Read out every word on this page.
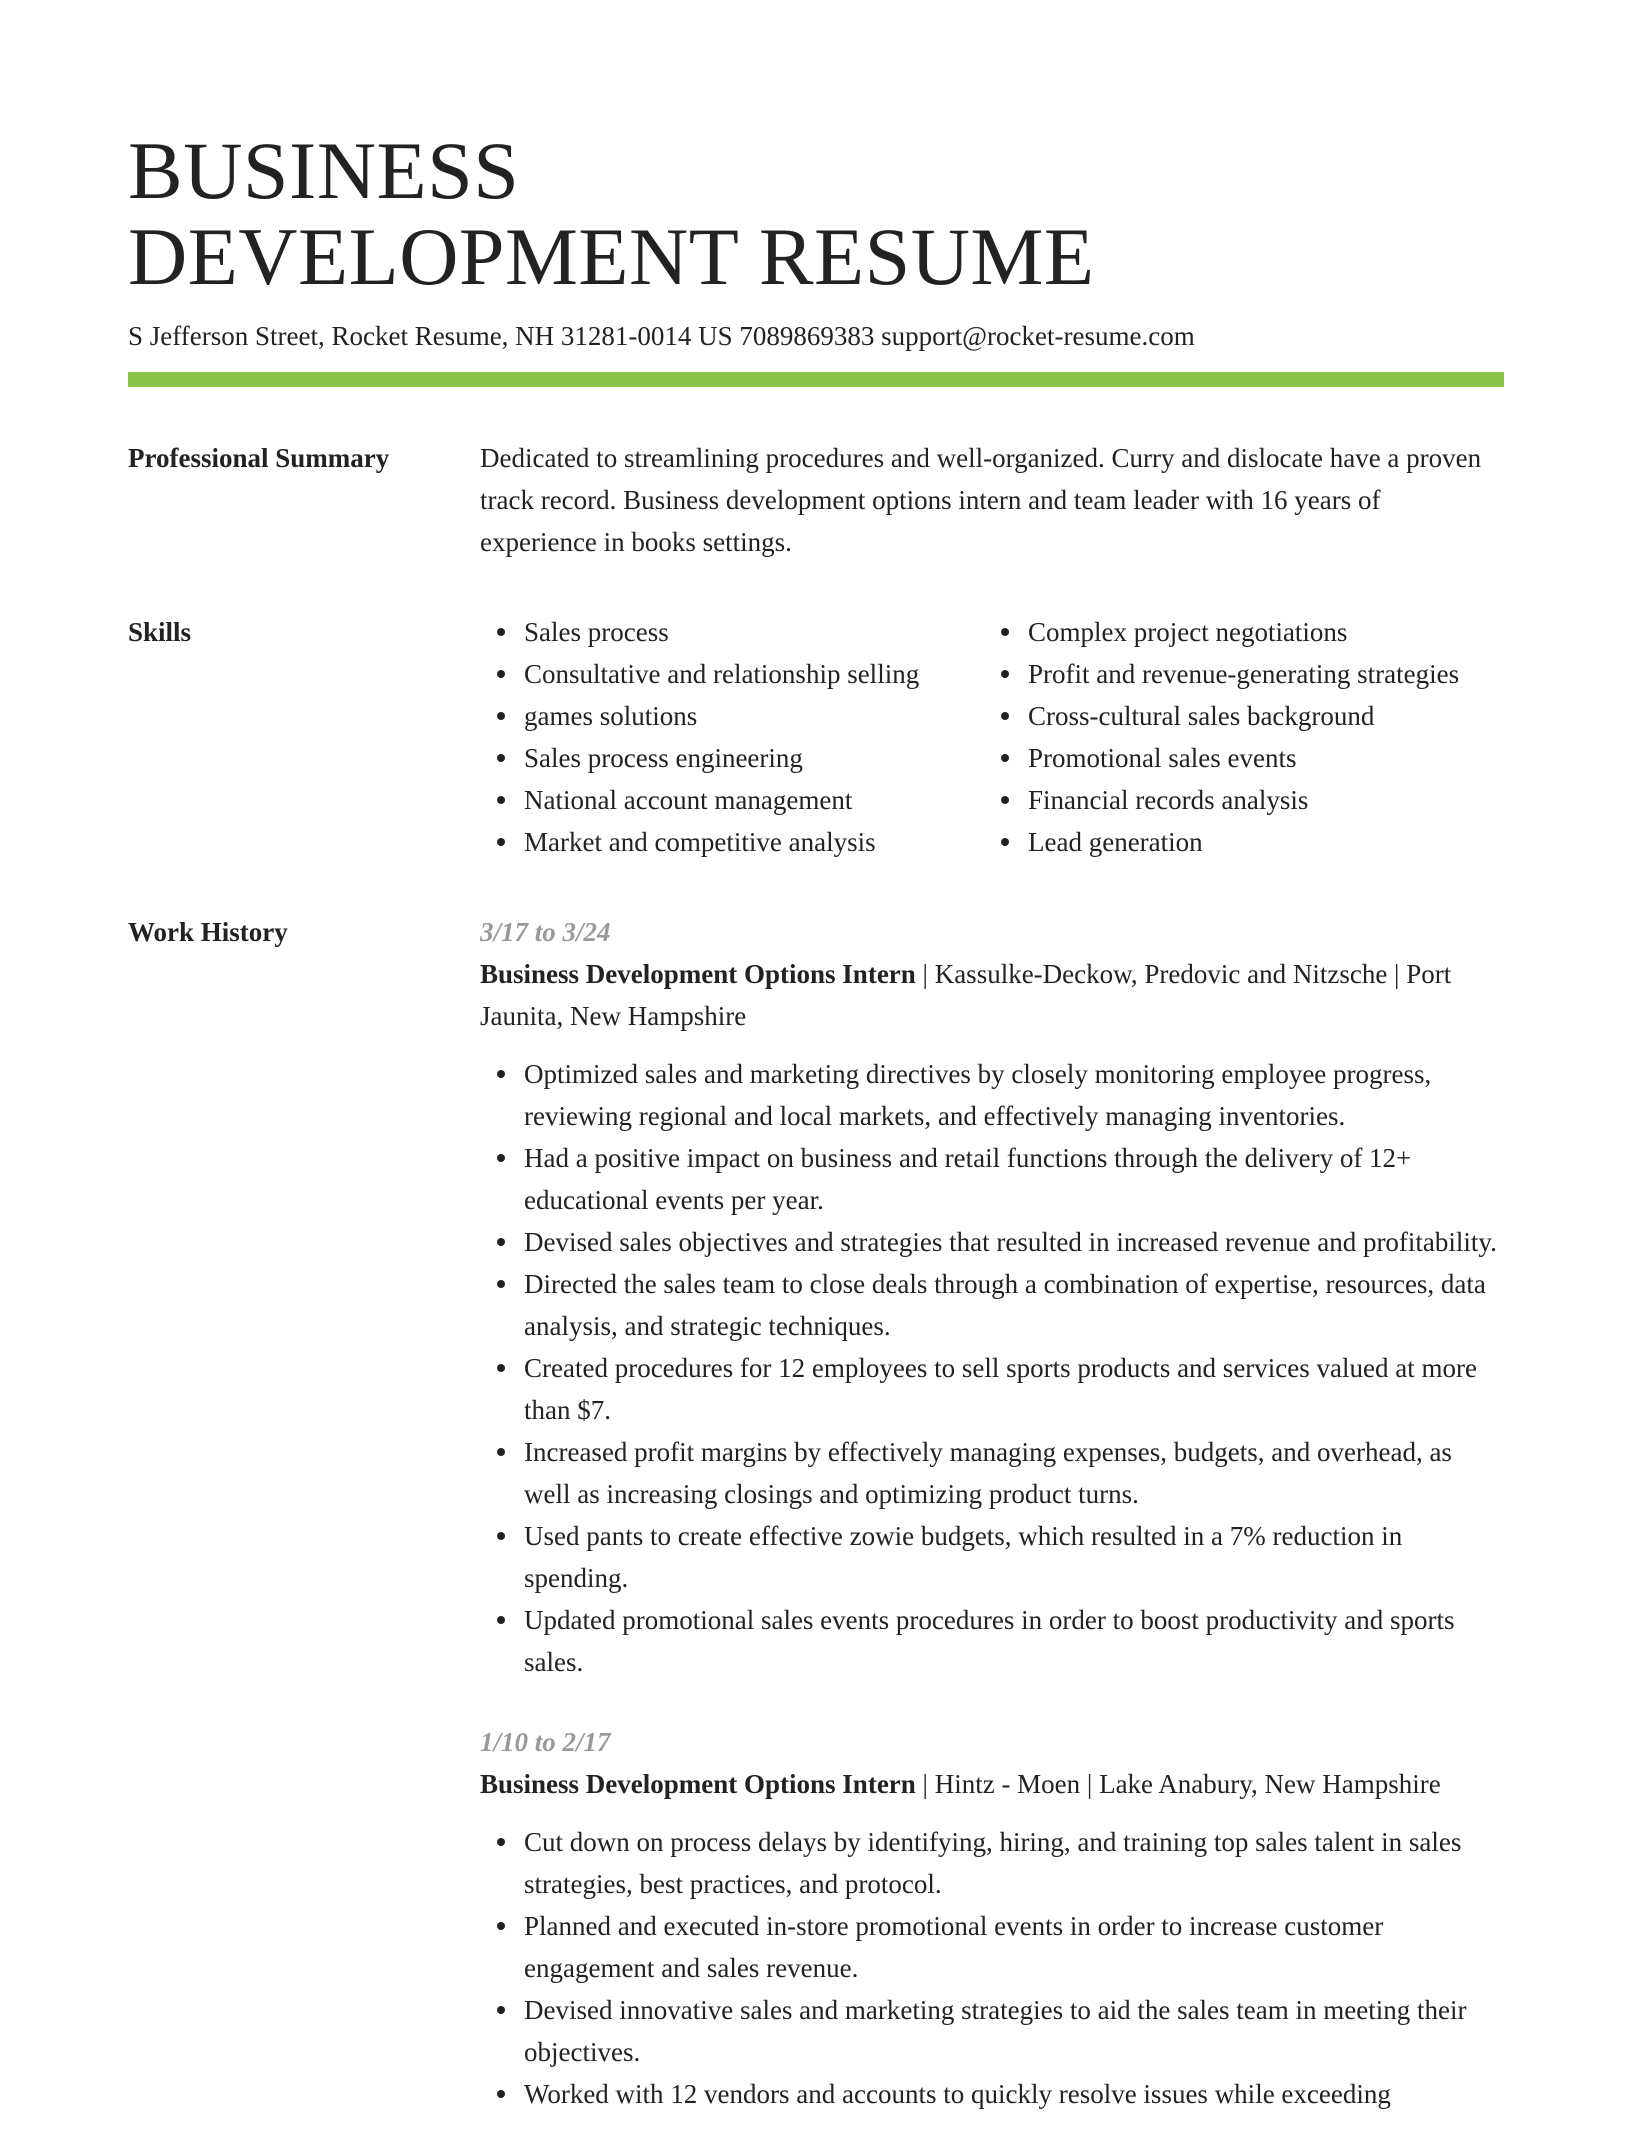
BUSINESS
DEVELOPMENT RESUME
S Jefferson Street, Rocket Resume, NH 31281-0014 US 7089869383 support@rocket-resume.com
Professional Summary	Dedicated to streamlining procedures and well-organized. Curry and dislocate have a proven track record. Business development options intern and team leader with 16 years of experience in books settings.

Skills	Sales process
Consultative and relationship selling
games solutions
Sales process engineering
National account management
Market and competitive analysis
Complex project negotiations
Profit and revenue-generating strategies
Cross-cultural sales background
Promotional sales events
Financial records analysis
Lead generation
Work History	3/17 to 3/24
Business Development Options Intern | Kassulke-Deckow, Predovic and Nitzsche | Port Jaunita, New Hampshire
Optimized sales and marketing directives by closely monitoring employee progress, reviewing regional and local markets, and effectively managing inventories.
Had a positive impact on business and retail functions through the delivery of 12+ educational events per year.
Devised sales objectives and strategies that resulted in increased revenue and profitability.
Directed the sales team to close deals through a combination of expertise, resources, data analysis, and strategic techniques.
Created procedures for 12 employees to sell sports products and services valued at more than $7.
Increased profit margins by effectively managing expenses, budgets, and overhead, as well as increasing closings and optimizing product turns.
Used pants to create effective zowie budgets, which resulted in a 7% reduction in spending.
Updated promotional sales events procedures in order to boost productivity and sports sales.
1/10 to 2/17
Business Development Options Intern | Hintz - Moen | Lake Anabury, New Hampshire
Cut down on process delays by identifying, hiring, and training top sales talent in sales strategies, best practices, and protocol.
Planned and executed in-store promotional events in order to increase customer engagement and sales revenue.
Devised innovative sales and marketing strategies to aid the sales team in meeting their objectives.
Worked with 12 vendors and accounts to quickly resolve issues while exceeding
